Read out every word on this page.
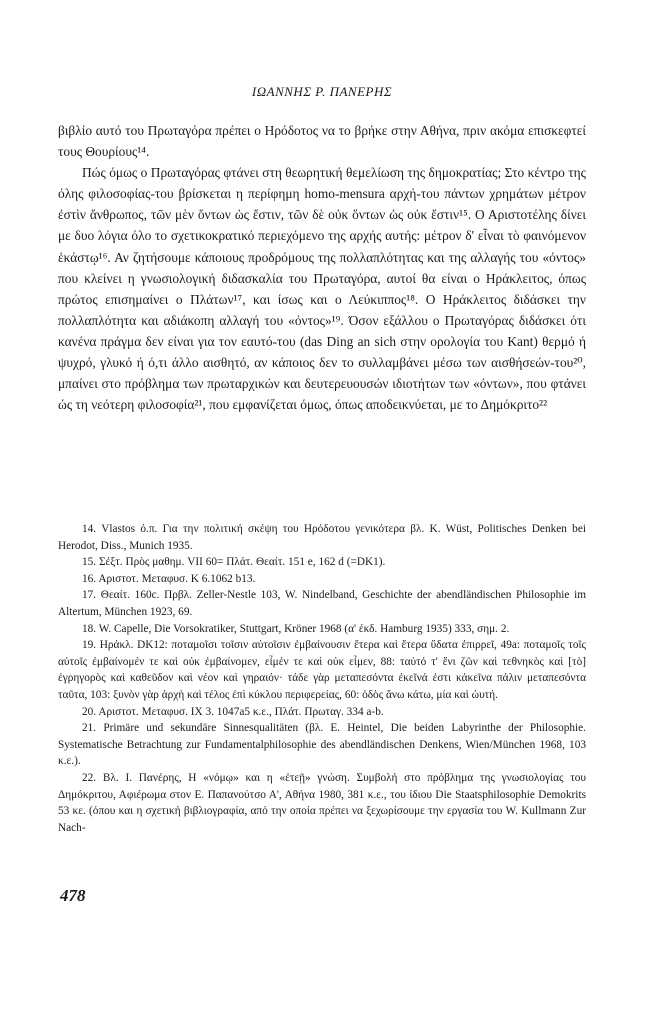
ΙΩΑΝΝΗΣ Ρ. ΠΑΝΕΡΗΣ

βιβλίο αυτό του Πρωταγόρα πρέπει ο Ηρόδοτος να το βρήκε στην Αθήνα, πριν ακόμα επισκεφτεί τους Θουρίους¹⁴.

Πώς όμως ο Πρωταγόρας φτάνει στη θεωρητική θεμελίωση της δημοκρατίας; Στο κέντρο της όλης φιλοσοφίας-του βρίσκεται η περίφημη homo-mensura αρχή-του πάντων χρημάτων μέτρον ἐστὶν ἄνθρωπος, τῶν μὲν ὄντων ὡς ἔστιν, τῶν δὲ οὐκ ὄντων ὡς οὐκ ἔστιν¹⁵. Ο Αριστοτέλης δίνει με δυο λόγια όλο το σχετικοκρατικό περιεχόμενο της αρχής αυτής: μέτρον δ' εἶναι τὸ φαινόμενον ἑκάστῳ¹⁶. Αν ζητήσουμε κάποιους προδρόμους της πολλαπλότητας και της αλλαγής του «όντος» που κλείνει η γνωσιολογική διδασκαλία του Πρωταγόρα, αυτοί θα είναι ο Ηράκλειτος, όπως πρώτος επισημαίνει ο Πλάτων¹⁷, και ίσως και ο Λεύκιππος¹⁸. Ο Ηράκλειτος διδάσκει την πολλαπλότητα και αδιάκοπη αλλαγή του «όντος»¹⁹. Όσον εξάλλου ο Πρωταγόρας διδάσκει ότι κανένα πράγμα δεν είναι για τον εαυτό-του (das Ding an sich στην ορολογία του Kant) θερμό ή ψυχρό, γλυκό ή ό,τι άλλο αισθητό, αν κάποιος δεν το συλλαμβάνει μέσω των αισθήσεών-του²⁰, μπαίνει στο πρόβλημα των πρωταρχικών και δευτερευουσών ιδιοτήτων των «όντων», που φτάνει ώς τη νεότερη φιλοσοφία²¹, που εμφανίζεται όμως, όπως αποδεικνύεται, με το Δημόκριτο²²

14. Vlastos ό.π. Για την πολιτική σκέψη του Ηρόδοτου γενικότερα βλ. K. Wüst, Politisches Denken bei Herodot, Diss., Munich 1935.

15. Σέξτ. Πρὸς μαθημ. VII 60= Πλάτ. Θεαίτ. 151 e, 162 d (=DK1).

16. Αριστοτ. Μεταφυσ. K 6.1062 b13.

17. Θεαίτ. 160c. Πρβλ. Zeller-Nestle 103, W. Nindelband, Geschichte der abendländischen Philosophie im Altertum, München 1923, 69.

18. W. Capelle, Die Vorsokratiker, Stuttgart, Kröner 1968 (α' έκδ. Hamburg 1935) 333, σημ. 2.

19. Ηράκλ. DK12: ποταμοῖσι τοῖσιν αὐτοῖσιν ἐμβαίνουσιν ἕτερα καὶ ἕτερα ὕδατα ἐπιρρεῖ, 49a: ποταμοῖς τοῖς αὐτοῖς ἐμβαίνομέν τε καὶ οὐκ ἐμβαίνομεν, εἶμέν τε καὶ οὐκ εἶμεν, 88: ταὐτό τ' ἔνι ζῶν καὶ τεθνηκὸς καὶ [τὸ] ἐγρηγορὸς καὶ καθεῦδον καὶ νέον καὶ γηραιόν· τάδε γὰρ μεταπεσόντα ἐκεῖνά ἐστι κἀκεῖνα πάλιν μεταπεσόντα ταῦτα, 103: ξυνὸν γὰρ ἀρχὴ καὶ τέλος ἐπὶ κύκλου περιφερείας, 60: ὁδὸς ἄνω κάτω, μία καὶ ὡυτή.

20. Αριστοτ. Μεταφυσ. IX 3. 1047a5 κ.ε., Πλάτ. Πρωταγ. 334 a-b.

21. Primäre und sekundäre Sinnesqualitäten (βλ. E. Heintel, Die beiden Labyrinthe der Philosophie. Systematische Betrachtung zur Fundamentalphilosophie des abendländischen Denkens, Wien/München 1968, 103 κ.ε.).

22. Βλ. Ι. Πανέρης, Η «νόμῳ» και η «ἐτεῇ» γνώση. Συμβολή στο πρόβλημα της γνωσιολογίας του Δημόκριτου, Αφιέρωμα στον Ε. Παπανούτσο Α', Αθήνα 1980, 381 κ.ε., του ίδιου Die Staatsphilosophie Demokrits 53 κε. (όπου και η σχετική βιβλιογραφία, από την οποία πρέπει να ξεχωρίσουμε την εργασία του W. Kullmann Zur Nach-

478
